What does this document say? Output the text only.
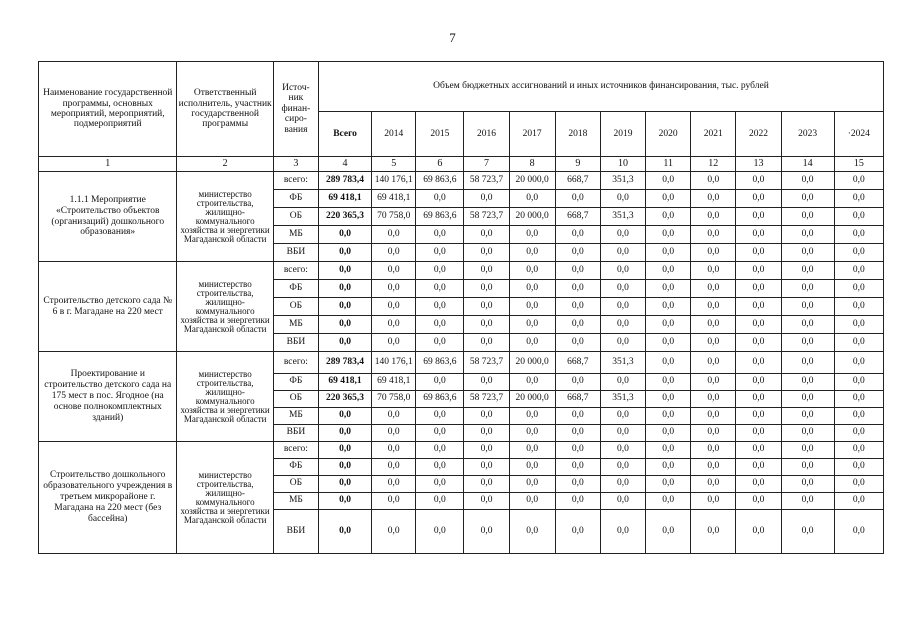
7
Наименование государственной программы, основных мероприятий, мероприятий, подмероприятий	Ответственный исполнитель, участник государственной программы	Источ-ник финан-сиро-вания	Объем бюджетных ассигнований и иных источников финансирования, тыс. рублей											
			Всего	2014	2015	2016	2017	2018	2019	2020	2021	2022	2023	·2024
1	2	3	4	5	6	7	8	9	10	11	12	13	14	15
1.1.1 Мероприятие «Строительство объектов (организаций) дошкольного образования»	министерство строительства, жилищно-коммунального хозяйства и энергетики Магаданской области	всего:	289 783,4	140 176,1	69 863,6	58 723,7	20 000,0	668,7	351,3	0,0	0,0	0,0	0,0	0,0
		ФБ	69 418,1	69 418,1	0,0	0,0	0,0	0,0	0,0	0,0	0,0	0,0	0,0	0,0
		ОБ	220 365,3	70 758,0	69 863,6	58 723,7	20 000,0	668,7	351,3	0,0	0,0	0,0	0,0	0,0
		МБ	0,0	0,0	0,0	0,0	0,0	0,0	0,0	0,0	0,0	0,0	0,0	0,0
		ВБИ	0,0	0,0	0,0	0,0	0,0	0,0	0,0	0,0	0,0	0,0	0,0	0,0
Строительство детского сада № 6 в г. Магадане на 220 мест	министерство строительства, жилищно-коммунального хозяйства и энергетики Магаданской области	всего:	0,0	0,0	0,0	0,0	0,0	0,0	0,0	0,0	0,0	0,0	0,0	0,0
		ФБ	0,0	0,0	0,0	0,0	0,0	0,0	0,0	0,0	0,0	0,0	0,0	0,0
		ОБ	0,0	0,0	0,0	0,0	0,0	0,0	0,0	0,0	0,0	0,0	0,0	0,0
		МБ	0,0	0,0	0,0	0,0	0,0	0,0	0,0	0,0	0,0	0,0	0,0	0,0
		ВБИ	0,0	0,0	0,0	0,0	0,0	0,0	0,0	0,0	0,0	0,0	0,0	0,0
Проектирование и строительство детского сада на 175 мест в пос. Ягодное (на основе полнокомплектных зданий)	министерство строительства, жилищно-коммунального хозяйства и энергетики Магаданской области	всего:	289 783,4	140 176,1	69 863,6	58 723,7	20 000,0	668,7	351,3	0,0	0,0	0,0	0,0	0,0
		ФБ	69 418,1	69 418,1	0,0	0,0	0,0	0,0	0,0	0,0	0,0	0,0	0,0	0,0
		ОБ	220 365,3	70 758,0	69 863,6	58 723,7	20 000,0	668,7	351,3	0,0	0,0	0,0	0,0	0,0
		МБ	0,0	0,0	0,0	0,0	0,0	0,0	0,0	0,0	0,0	0,0	0,0	0,0
		ВБИ	0,0	0,0	0,0	0,0	0,0	0,0	0,0	0,0	0,0	0,0	0,0	0,0
Строительство дошкольного образовательного учреждения в третьем микрорайоне г. Магадана на 220 мест (без бассейна)	министерство строительства, жилищно-коммунального хозяйства и энергетики Магаданской области	всего:	0,0	0,0	0,0	0,0	0,0	0,0	0,0	0,0	0,0	0,0	0,0	0,0
		ФБ	0,0	0,0	0,0	0,0	0,0	0,0	0,0	0,0	0,0	0,0	0,0	0,0
		ОБ	0,0	0,0	0,0	0,0	0,0	0,0	0,0	0,0	0,0	0,0	0,0	0,0
		МБ	0,0	0,0	0,0	0,0	0,0	0,0	0,0	0,0	0,0	0,0	0,0	0,0
		ВБИ	0,0	0,0	0,0	0,0	0,0	0,0	0,0	0,0	0,0	0,0	0,0	0,0
